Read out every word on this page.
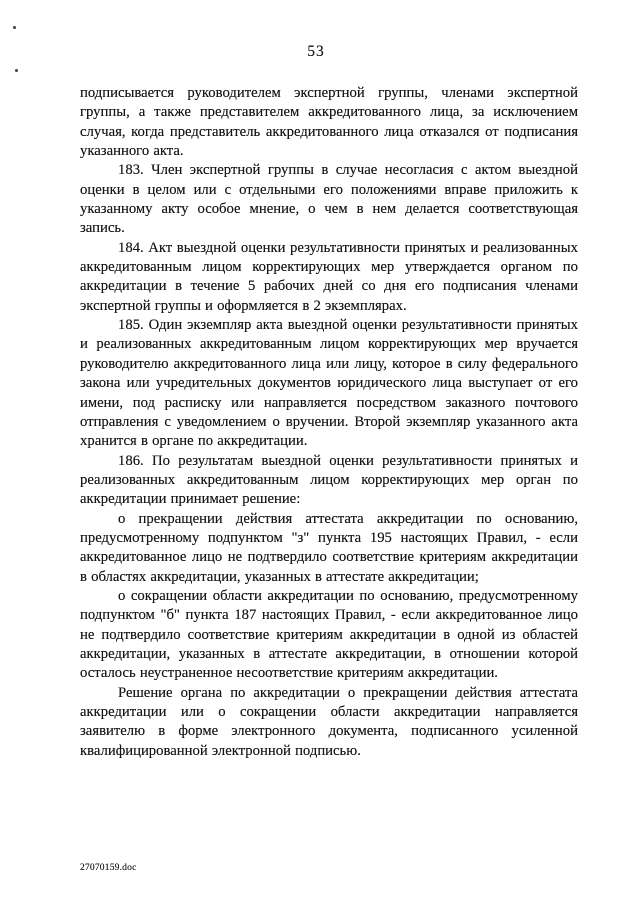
53

подписывается руководителем экспертной группы, членами экспертной группы, а также представителем аккредитованного лица, за исключением случая, когда представитель аккредитованного лица отказался от подписания указанного акта.

183. Член экспертной группы в случае несогласия с актом выездной оценки в целом или с отдельными его положениями вправе приложить к указанному акту особое мнение, о чем в нем делается соответствующая запись.

184. Акт выездной оценки результативности принятых и реализованных аккредитованным лицом корректирующих мер утверждается органом по аккредитации в течение 5 рабочих дней со дня его подписания членами экспертной группы и оформляется в 2 экземплярах.

185. Один экземпляр акта выездной оценки результативности принятых и реализованных аккредитованным лицом корректирующих мер вручается руководителю аккредитованного лица или лицу, которое в силу федерального закона или учредительных документов юридического лица выступает от его имени, под расписку или направляется посредством заказного почтового отправления с уведомлением о вручении. Второй экземпляр указанного акта хранится в органе по аккредитации.

186. По результатам выездной оценки результативности принятых и реализованных аккредитованным лицом корректирующих мер орган по аккредитации принимает решение:

о прекращении действия аттестата аккредитации по основанию, предусмотренному подпунктом "з" пункта 195 настоящих Правил, - если аккредитованное лицо не подтвердило соответствие критериям аккредитации в областях аккредитации, указанных в аттестате аккредитации;

о сокращении области аккредитации по основанию, предусмотренному подпунктом "б" пункта 187 настоящих Правил, - если аккредитованное лицо не подтвердило соответствие критериям аккредитации в одной из областей аккредитации, указанных в аттестате аккредитации, в отношении которой осталось неустраненное несоответствие критериям аккредитации.

Решение органа по аккредитации о прекращении действия аттестата аккредитации или о сокращении области аккредитации направляется заявителю в форме электронного документа, подписанного усиленной квалифицированной электронной подписью.

27070159.doc
